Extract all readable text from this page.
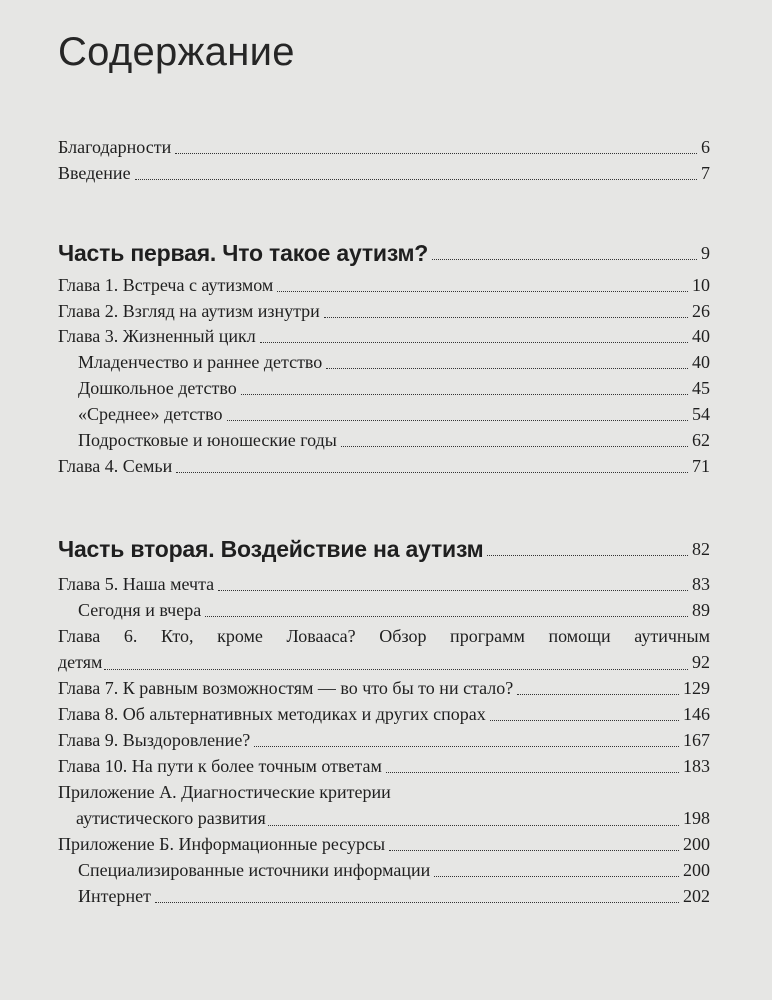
Содержание
Благодарности	6
Введение	7
Часть первая. Что такое аутизм?	9
Глава 1. Встреча с аутизмом	10
Глава 2. Взгляд на аутизм изнутри	26
Глава 3. Жизненный цикл	40
Младенчество и раннее детство	40
Дошкольное детство	45
«Среднее» детство	54
Подростковые и юношеские годы	62
Глава 4. Семьи	71
Часть вторая. Воздействие на аутизм	82
Глава 5. Наша мечта	83
Сегодня и вчера	89
Глава 6. Кто, кроме Ловааса? Обзор программ помощи аутичным
детям	92
Глава 7. К равным возможностям — во что бы то ни стало?	129
Глава 8. Об альтернативных методиках и других спорах	146
Глава 9. Выздоровление?	167
Глава 10. На пути к более точным ответам	183
Приложение А. Диагностические критерии
аутистического развития	198
Приложение Б. Информационные ресурсы	200
Специализированные источники информации	200
Интернет	202
